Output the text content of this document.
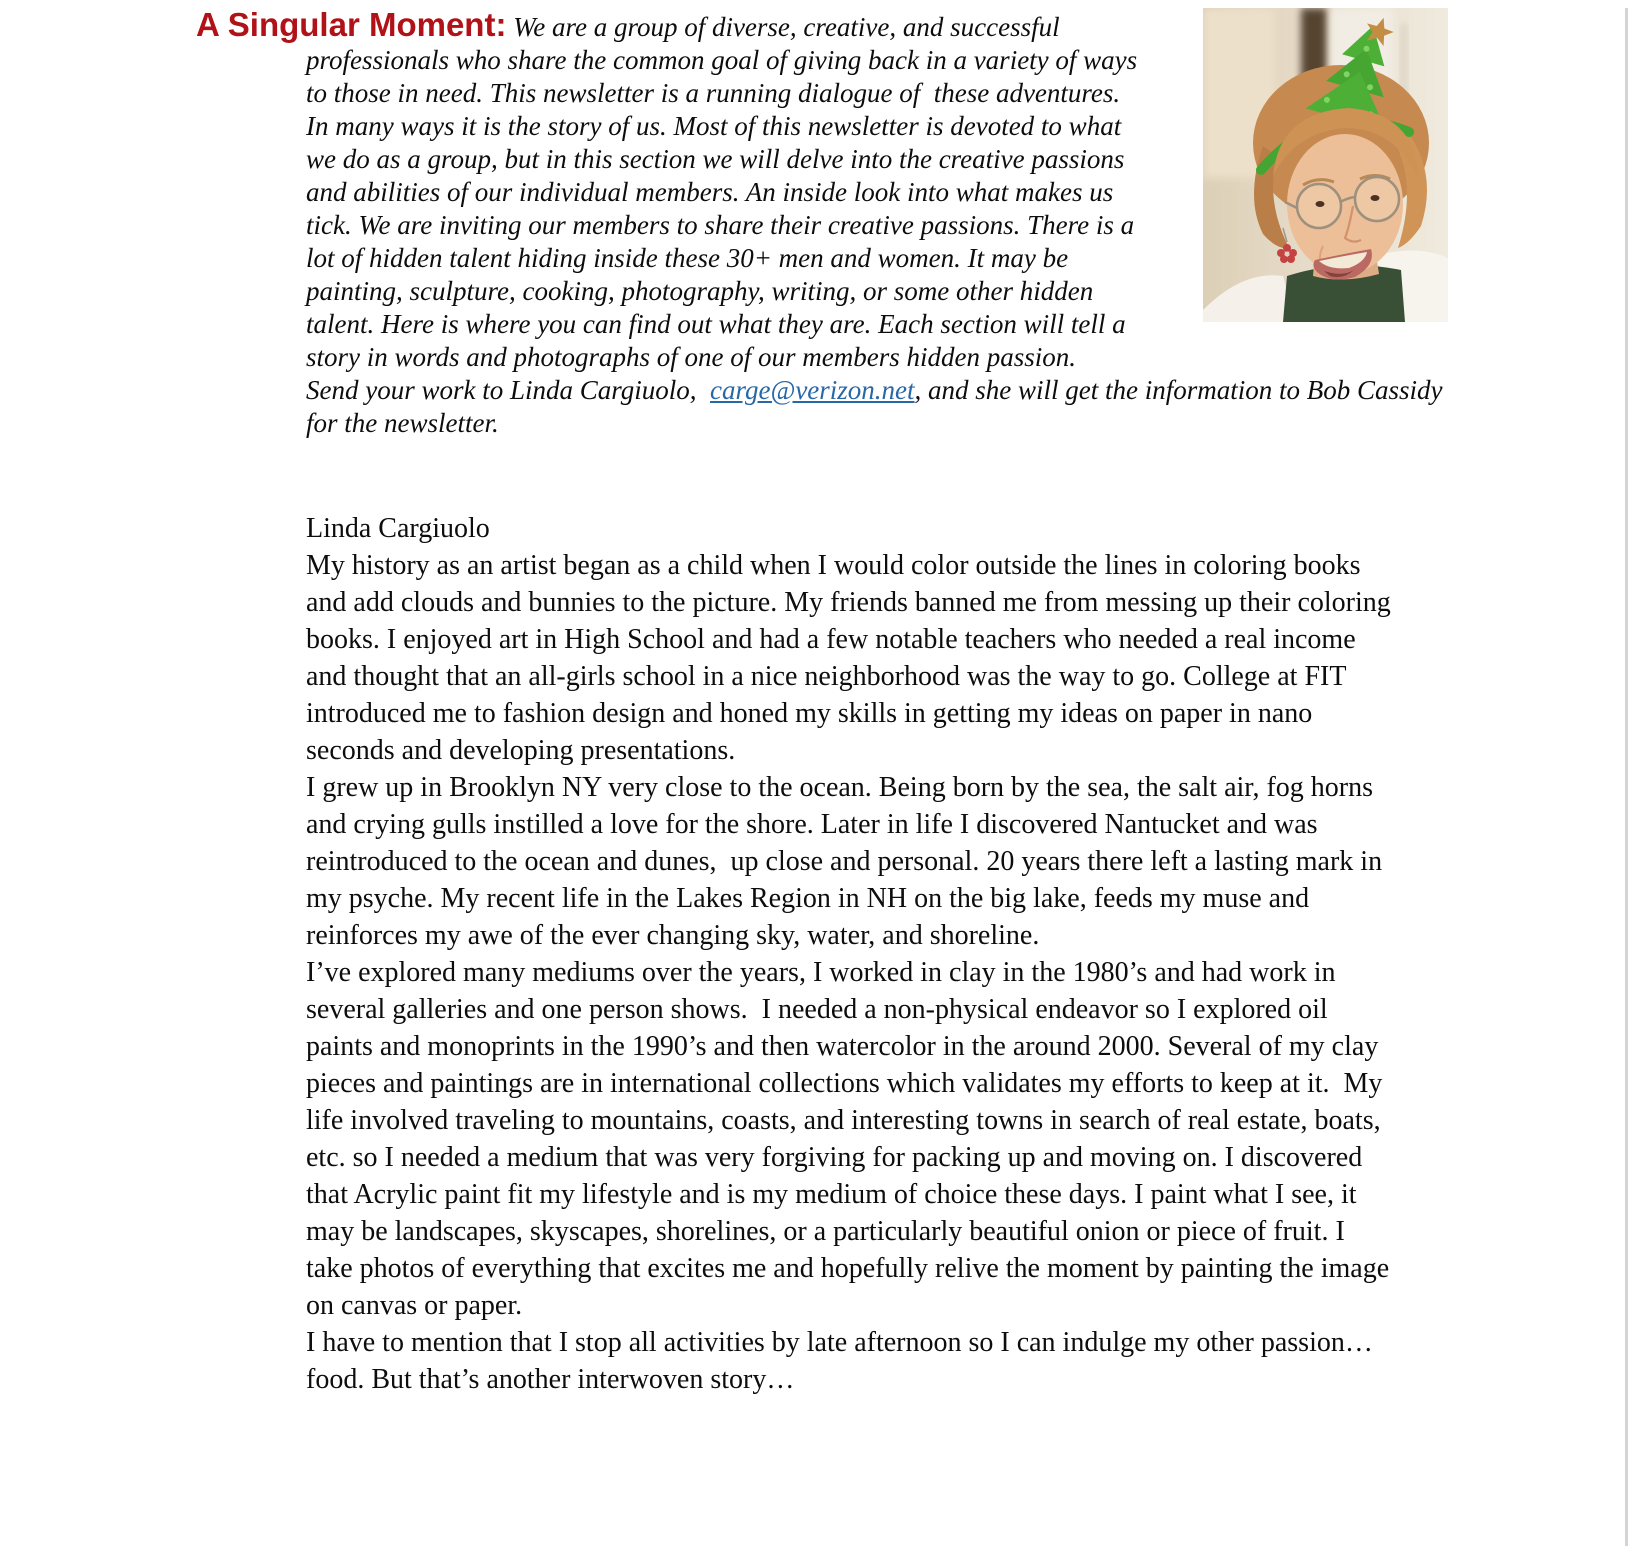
A Singular Moment: We are a group of diverse, creative, and successful professionals who share the common goal of giving back in a variety of ways to those in need. This newsletter is a running dialogue of  these adventures. In many ways it is the story of us. Most of this newsletter is devoted to what we do as a group, but in this section we will delve into the creative passions and abilities of our individual members. An inside look into what makes us tick. We are inviting our members to share their creative passions. There is a lot of hidden talent hiding inside these 30+ men and women. It may be painting, sculpture, cooking, photography, writing, or some other hidden talent. Here is where you can find out what they are. Each section will tell a story in words and photographs of one of our members hidden passion.

Send your work to Linda Cargiuolo,  carge@verizon.net, and she will get the information to Bob Cassidy for the newsletter.

Linda Cargiuolo

My history as an artist began as a child when I would color outside the lines in coloring books and add clouds and bunnies to the picture. My friends banned me from messing up their coloring books. I enjoyed art in High School and had a few notable teachers who needed a real income and thought that an all-girls school in a nice neighborhood was the way to go. College at FIT introduced me to fashion design and honed my skills in getting my ideas on paper in nano seconds and developing presentations.

I grew up in Brooklyn NY very close to the ocean. Being born by the sea, the salt air, fog horns and crying gulls instilled a love for the shore. Later in life I discovered Nantucket and was reintroduced to the ocean and dunes,  up close and personal. 20 years there left a lasting mark in my psyche. My recent life in the Lakes Region in NH on the big lake, feeds my muse and reinforces my awe of the ever changing sky, water, and shoreline.

I’ve explored many mediums over the years, I worked in clay in the 1980’s and had work in several galleries and one person shows.  I needed a non-physical endeavor so I explored oil paints and monoprints in the 1990’s and then watercolor in the around 2000. Several of my clay pieces and paintings are in international collections which validates my efforts to keep at it.  My life involved traveling to mountains, coasts, and interesting towns in search of real estate, boats, etc. so I needed a medium that was very forgiving for packing up and moving on. I discovered  that Acrylic paint fit my lifestyle and is my medium of choice these days. I paint what I see, it may be landscapes, skyscapes, shorelines, or a particularly beautiful onion or piece of fruit. I take photos of everything that excites me and hopefully relive the moment by painting the image on canvas or paper.

I have to mention that I stop all activities by late afternoon so I can indulge my other passion… food. But that’s another interwoven story…
